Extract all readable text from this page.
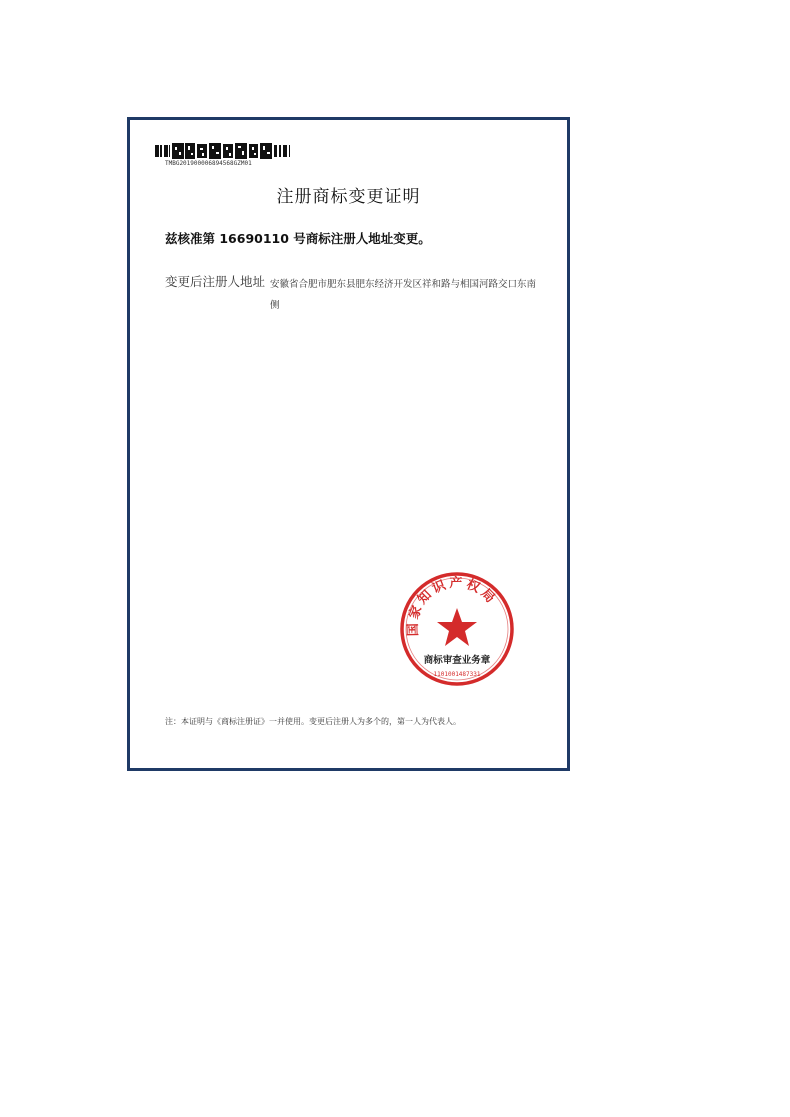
TMBG201900006894568GZM01
注册商标变更证明
兹核准第 16690110 号商标注册人地址变更。
变更后注册人地址 安徽省合肥市肥东县肥东经济开发区祥和路与相国河路交口东南侧
国家知识产权局
商标审查业务章
1101001487331
注：本证明与《商标注册证》一并使用。变更后注册人为多个的，第一人为代表人。
